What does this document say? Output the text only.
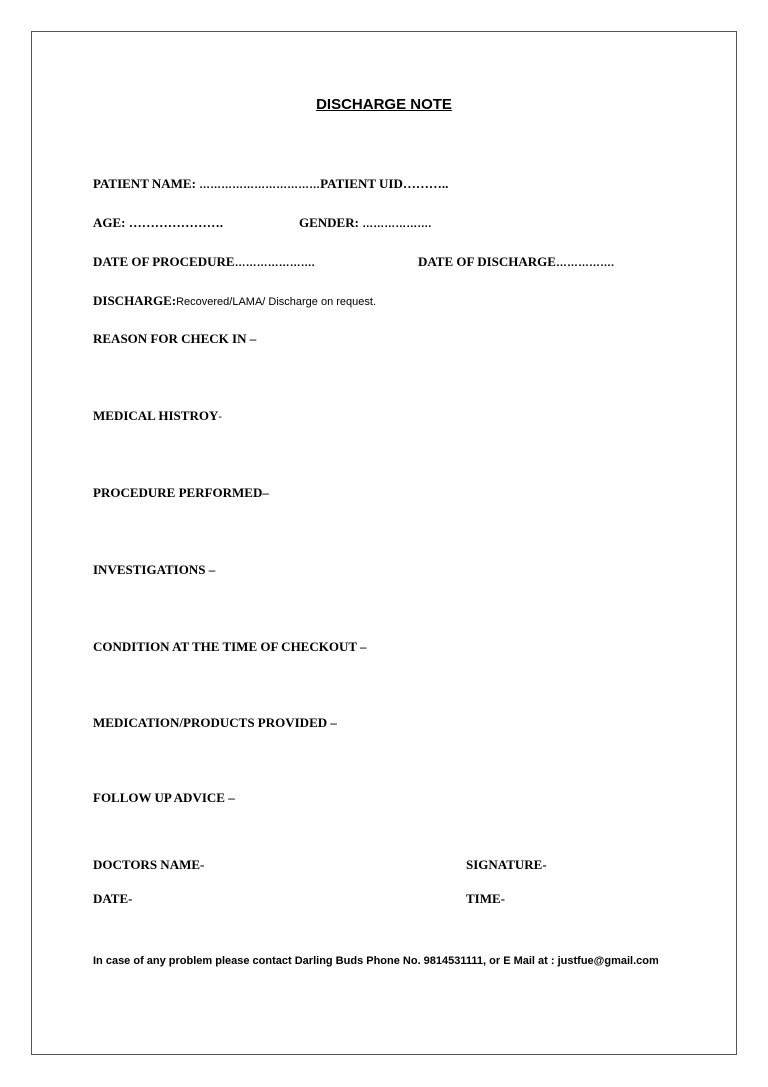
DISCHARGE NOTE
PATIENT NAME: ……………………………PATIENT UID………..
AGE: ………………….	GENDER: ……………….
DATE OF PROCEDURE………………….	DATE OF DISCHARGE…………….
DISCHARGE:Recovered/LAMA/ Discharge on request.
REASON FOR CHECK IN –
MEDICAL HISTROY-
PROCEDURE PERFORMED–
INVESTIGATIONS –
CONDITION AT THE TIME OF CHECKOUT –
MEDICATION/PRODUCTS PROVIDED –
FOLLOW UP ADVICE –
DOCTORS NAME-	SIGNATURE-
DATE-	TIME-
In case of any problem please contact Darling Buds Phone No. 9814531111, or E Mail at : justfue@gmail.com
